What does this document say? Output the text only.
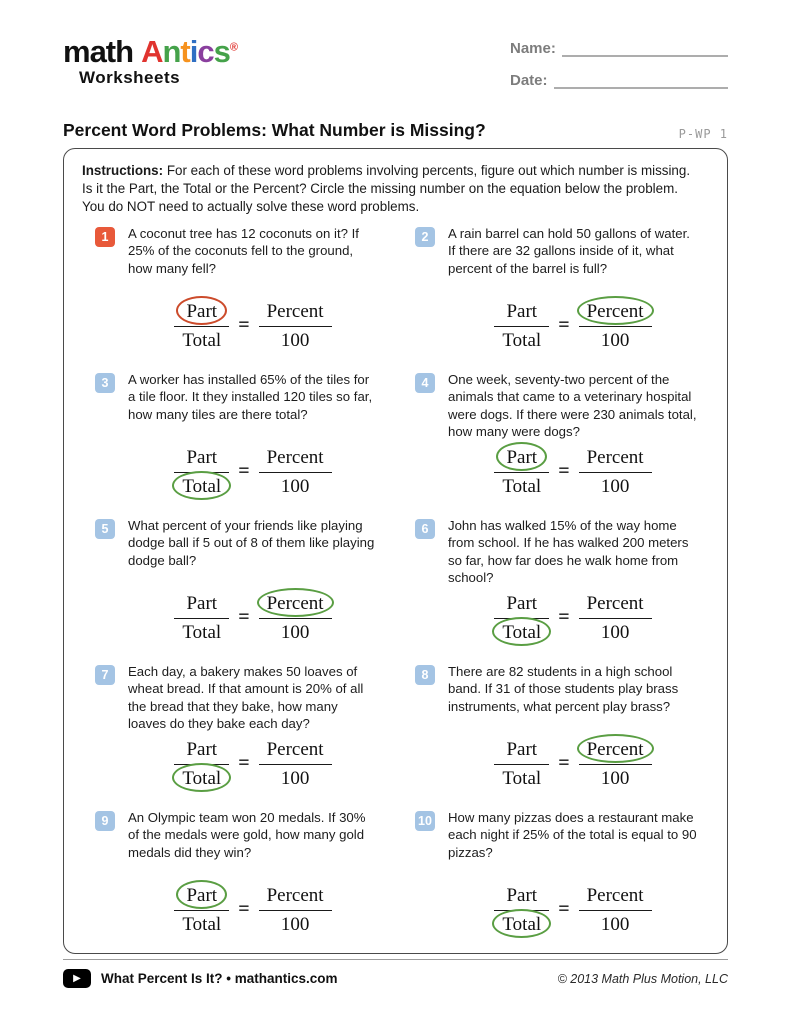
math Antics®
Worksheets
Name:
Date:
Percent Word Problems: What Number is Missing?	P-WP 1

Instructions: For each of these word problems involving percents, figure out which number is missing. Is it the Part, the Total or the Percent? Circle the missing number on the equation below the problem. You do NOT need to actually solve these word problems.

1 A coconut tree has 12 coconuts on it? If 25% of the coconuts fell to the ground, how many fell?
$\frac{\text{Part}}{\text{Total}} = \frac{\text{Percent}}{100}$
2 A rain barrel can hold 50 gallons of water. If there are 32 gallons inside of it, what percent of the barrel is full?
$\frac{\text{Part}}{\text{Total}} = \frac{\text{Percent}}{100}$
3 A worker has installed 65% of the tiles for a tile floor. It they installed 120 tiles so far, how many tiles are there total?
$\frac{\text{Part}}{\text{Total}} = \frac{\text{Percent}}{100}$
4 One week, seventy-two percent of the animals that came to a veterinary hospital were dogs. If there were 230 animals total, how many were dogs?
$\frac{\text{Part}}{\text{Total}} = \frac{\text{Percent}}{100}$
5 What percent of your friends like playing dodge ball if 5 out of 8 of them like playing dodge ball?
$\frac{\text{Part}}{\text{Total}} = \frac{\text{Percent}}{100}$
6 John has walked 15% of the way home from school. If he has walked 200 meters so far, how far does he walk home from school?
$\frac{\text{Part}}{\text{Total}} = \frac{\text{Percent}}{100}$
7 Each day, a bakery makes 50 loaves of wheat bread. If that amount is 20% of all the bread that they bake, how many loaves do they bake each day?
$\frac{\text{Part}}{\text{Total}} = \frac{\text{Percent}}{100}$
8 There are 82 students in a high school band. If 31 of those students play brass instruments, what percent play brass?
$\frac{\text{Part}}{\text{Total}} = \frac{\text{Percent}}{100}$
9 An Olympic team won 20 medals. If 30% of the medals were gold, how many gold medals did they win?
$\frac{\text{Part}}{\text{Total}} = \frac{\text{Percent}}{100}$
10 How many pizzas does a restaurant make each night if 25% of the total is equal to 90 pizzas?
$\frac{\text{Part}}{\text{Total}} = \frac{\text{Percent}}{100}$
▶ What Percent Is It? • mathantics.com	© 2013 Math Plus Motion, LLC
